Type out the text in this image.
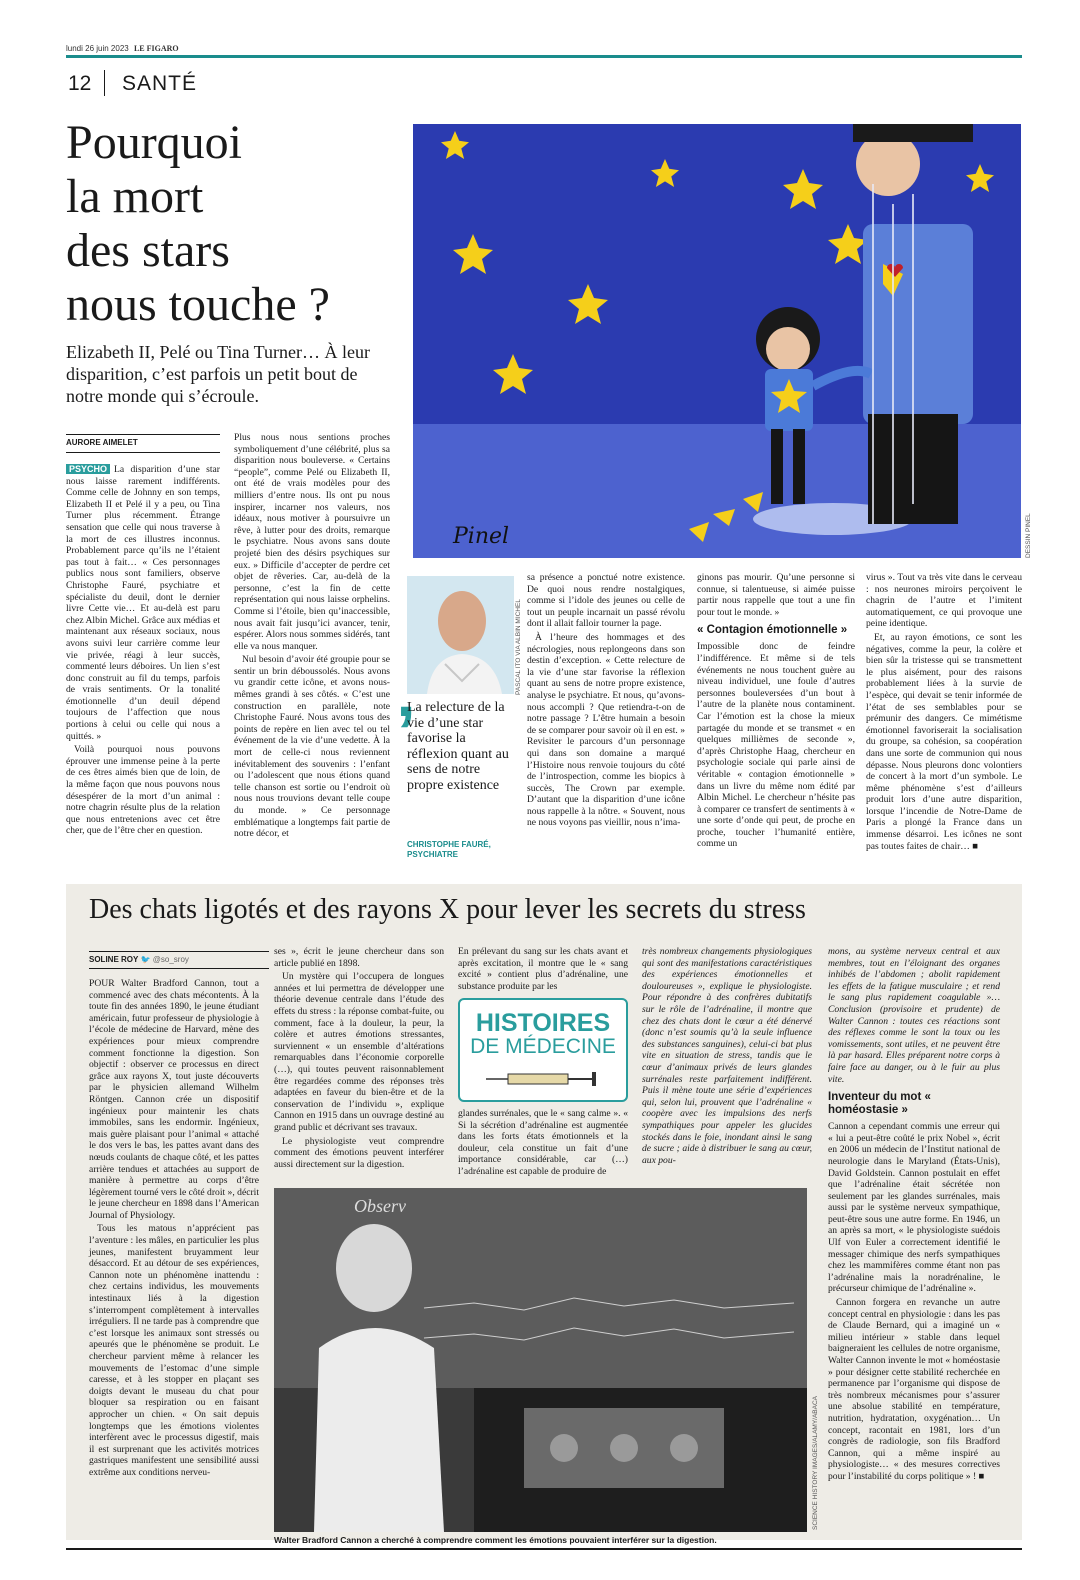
lundi 26 juin 2023 LE FIGARO
12 SANTÉ
Pourquoi
la mort
des stars
nous touche ?
Elizabeth II, Pelé ou Tina Turner… À leur disparition, c’est parfois un petit bout de notre monde qui s’écroule.
AURORE AIMELET

PSYCHO La disparition d’une star nous laisse rarement indifférents. Comme celle de Johnny en son temps, Elizabeth II et Pelé il y a peu, ou Tina Turner plus récemment. Étrange sensation que celle qui nous traverse à la mort de ces illustres inconnus. Probablement parce qu’ils ne l’étaient pas tout à fait… « Ces personnages publics nous sont familiers, observe Christophe Fauré, psychiatre et spécialiste du deuil, dont le dernier livre Cette vie… Et au-delà est paru chez Albin Michel. Grâce aux médias et maintenant aux réseaux sociaux, nous avons suivi leur carrière comme leur vie privée, réagi à leur succès, commenté leurs déboires. Un lien s’est donc construit au fil du temps, parfois de vrais sentiments. Or la tonalité émotionnelle d’un deuil dépend toujours de l’affection que nous portions à celui ou celle qui nous a quittés. »

Voilà pourquoi nous pouvons éprouver une immense peine à la perte de ces êtres aimés bien que de loin, de la même façon que nous pouvons nous désespérer de la mort d’un animal : notre chagrin résulte plus de la relation que nous entretenions avec cet être cher, que de l’être cher en question.

Plus nous nous sentions proches symboliquement d’une célébrité, plus sa disparition nous bouleverse. « Certains “people”, comme Pelé ou Elizabeth II, ont été de vrais modèles pour des milliers d’entre nous. Ils ont pu nous inspirer, incarner nos valeurs, nos idéaux, nous motiver à poursuivre un rêve, à lutter pour des droits, remarque le psychiatre. Nous avons sans doute projeté bien des désirs psychiques sur eux. » Difficile d’accepter de perdre cet objet de rêveries. Car, au-delà de la personne, c’est la fin de cette représentation qui nous laisse orphelins. Comme si l’étoile, bien qu’inaccessible, nous avait fait jusqu’ici avancer, tenir, espérer. Alors nous sommes sidérés, tant elle va nous manquer.

Nul besoin d’avoir été groupie pour se sentir un brin déboussolés. Nous avons vu grandir cette icône, et avons nous-mêmes grandi à ses côtés. « C’est une construction en parallèle, note Christophe Fauré. Nous avons tous des points de repère en lien avec tel ou tel événement de la vie d’une vedette. À la mort de celle-ci nous reviennent inévitablement des souvenirs : l’enfant ou l’adolescent que nous étions quand telle chanson est sortie ou l’endroit où nous nous trouvions devant telle coupe du monde. » Ce personnage emblématique a longtemps fait partie de notre décor, et

Pinel	DESSIN PINEL
PASCAL ITO VIA ALBIN MICHEL
‚
La relecture de la vie d’une star favorise la réflexion quant au sens de notre propre existence
CHRISTOPHE FAURÉ, PSYCHIATRE

sa présence a ponctué notre existence. De quoi nous rendre nostalgiques, comme si l’idole des jeunes ou celle de tout un peuple incarnait un passé révolu dont il allait falloir tourner la page.

À l’heure des hommages et des nécrologies, nous replongeons dans son destin d’exception. « Cette relecture de la vie d’une star favorise la réflexion quant au sens de notre propre existence, analyse le psychiatre. Et nous, qu’avons-nous accompli ? Que retiendra-t-on de notre passage ? L’être humain a besoin de se comparer pour savoir où il en est. » Revisiter le parcours d’un personnage qui dans son domaine a marqué l’Histoire nous renvoie toujours du côté de l’introspection, comme les biopics à succès, The Crown par exemple. D’autant que la disparition d’une icône nous rappelle à la nôtre. « Souvent, nous ne nous voyons pas vieillir, nous n’ima-

ginons pas mourir. Qu’une personne si connue, si talentueuse, si aimée puisse partir nous rappelle que tout a une fin pour tout le monde. »

« Contagion émotionnelle »

Impossible donc de feindre l’indifférence. Et même si de tels événements ne nous touchent guère au niveau individuel, une foule d’autres personnes bouleversées d’un bout à l’autre de la planète nous contaminent. Car l’émotion est la chose la mieux partagée du monde et se transmet « en quelques millièmes de seconde », d’après Christophe Haag, chercheur en psychologie sociale qui parle ainsi de véritable « contagion émotionnelle » dans un livre du même nom édité par Albin Michel. Le chercheur n’hésite pas à comparer ce transfert de sentiments à « une sorte d’onde qui peut, de proche en proche, toucher l’humanité entière, comme un

virus ». Tout va très vite dans le cerveau : nos neurones miroirs perçoivent le chagrin de l’autre et l’imitent automatiquement, ce qui provoque une peine identique.

Et, au rayon émotions, ce sont les négatives, comme la peur, la colère et bien sûr la tristesse qui se transmettent le plus aisément, pour des raisons probablement liées à la survie de l’espèce, qui devait se tenir informée de l’état de ses semblables pour se prémunir des dangers. Ce mimétisme émotionnel favoriserait la socialisation du groupe, sa cohésion, sa coopération dans une sorte de communion qui nous dépasse. Nous pleurons donc volontiers de concert à la mort d’un symbole. Le même phénomène s’est d’ailleurs produit lors d’une autre disparition, lorsque l’incendie de Notre-Dame de Paris a plongé la France dans un immense désarroi. Les icônes ne sont pas toutes faites de chair… ■

Des chats ligotés et des rayons X pour lever les secrets du stress
SOLINE ROY 🐦 @so_sroy

POUR Walter Bradford Cannon, tout a commencé avec des chats mécontents. À la toute fin des années 1890, le jeune étudiant américain, futur professeur de physiologie à l’école de médecine de Harvard, mène des expériences pour mieux comprendre comment fonctionne la digestion. Son objectif : observer ce processus en direct grâce aux rayons X, tout juste découverts par le physicien allemand Wilhelm Röntgen. Cannon crée un dispositif ingénieux pour maintenir les chats immobiles, sans les endormir. Ingénieux, mais guère plaisant pour l’animal « attaché le dos vers le bas, les pattes avant dans des nœuds coulants de chaque côté, et les pattes arrière tendues et attachées au support de manière à permettre au corps d’être légèrement tourné vers le côté droit », décrit le jeune chercheur en 1898 dans l’American Journal of Physiology.

Tous les matous n’apprécient pas l’aventure : les mâles, en particulier les plus jeunes, manifestent bruyamment leur désaccord. Et au détour de ses expériences, Cannon note un phénomène inattendu : chez certains individus, les mouvements intestinaux liés à la digestion s’interrompent complètement à intervalles irréguliers. Il ne tarde pas à comprendre que c’est lorsque les animaux sont stressés ou apeurés que le phénomène se produit. Le chercheur parvient même à relancer les mouvements de l’estomac d’une simple caresse, et à les stopper en plaçant ses doigts devant le museau du chat pour bloquer sa respiration ou en faisant approcher un chien. « On sait depuis longtemps que les émotions violentes interfèrent avec le processus digestif, mais il est surprenant que les activités motrices gastriques manifestent une sensibilité aussi extrême aux conditions nerveu-

ses », écrit le jeune chercheur dans son article publié en 1898.

Un mystère qui l’occupera de longues années et lui permettra de développer une théorie devenue centrale dans l’étude des effets du stress : la réponse combat-fuite, ou comment, face à la douleur, la peur, la colère et autres émotions stressantes, surviennent « un ensemble d’altérations remarquables dans l’économie corporelle (…), qui toutes peuvent raisonnablement être regardées comme des réponses très adaptées en faveur du bien-être et de la conservation de l’individu », explique Cannon en 1915 dans un ouvrage destiné au grand public et décrivant ses travaux.

Le physiologiste veut comprendre comment des émotions peuvent interférer aussi directement sur la digestion.

En prélevant du sang sur les chats avant et après excitation, il montre que le « sang excité » contient plus d’adrénaline, une substance produite par les

HISTOIRES
DE MÉDECINE

glandes surrénales, que le « sang calme ». « Si la sécrétion d’adrénaline est augmentée dans les forts états émotionnels et la douleur, cela constitue un fait d’une importance considérable, car (…) l’adrénaline est capable de produire de

très nombreux changements physiologiques qui sont des manifestations caractéristiques des expériences émotionnelles et douloureuses », explique le physiologiste. Pour répondre à des confrères dubitatifs sur le rôle de l’adrénaline, il montre que chez des chats dont le cœur a été dénervé (donc n’est soumis qu’à la seule influence des substances sanguines), celui-ci bat plus vite en situation de stress, tandis que le cœur d’animaux privés de leurs glandes surrénales reste parfaitement indifférent. Puis il mène toute une série d’expériences qui, selon lui, prouvent que l’adrénaline « coopère avec les impulsions des nerfs sympathiques pour appeler les glucides stockés dans le foie, inondant ainsi le sang de sucre ; aide à distribuer le sang au cœur, aux pou-

Observ
SCIENCE HISTORY IMAGES/ALAMY/ABACA
Walter Bradford Cannon a cherché à comprendre comment les émotions pouvaient interférer sur la digestion.

mons, au système nerveux central et aux membres, tout en l’éloignant des organes inhibés de l’abdomen ; abolit rapidement les effets de la fatigue musculaire ; et rend le sang plus rapidement coagulable »… Conclusion (provisoire et prudente) de Walter Cannon : toutes ces réactions sont des réflexes comme le sont la toux ou les vomissements, sont utiles, et ne peuvent être là par hasard. Elles préparent notre corps à faire face au danger, ou à le fuir au plus vite.

Inventeur du mot « homéostasie »

Cannon a cependant commis une erreur qui « lui a peut-être coûté le prix Nobel », écrit en 2006 un médecin de l’Institut national de neurologie dans le Maryland (États-Unis), David Goldstein. Cannon postulait en effet que l’adrénaline était sécrétée non seulement par les glandes surrénales, mais aussi par le système nerveux sympathique, peut-être sous une autre forme. En 1946, un an après sa mort, « le physiologiste suédois Ulf von Euler a correctement identifié le messager chimique des nerfs sympathiques chez les mammifères comme étant non pas l’adrénaline mais la noradrénaline, le précurseur chimique de l’adrénaline ».

Cannon forgera en revanche un autre concept central en physiologie : dans les pas de Claude Bernard, qui a imaginé un « milieu intérieur » stable dans lequel baigneraient les cellules de notre organisme, Walter Cannon invente le mot « homéostasie » pour désigner cette stabilité recherchée en permanence par l’organisme qui dispose de très nombreux mécanismes pour s’assurer une absolue stabilité en température, nutrition, hydratation, oxygénation… Un concept, racontait en 1981, lors d’un congrès de radiologie, son fils Bradford Cannon, qui a même inspiré au physiologiste… « des mesures correctives pour l’instabilité du corps politique » ! ■
